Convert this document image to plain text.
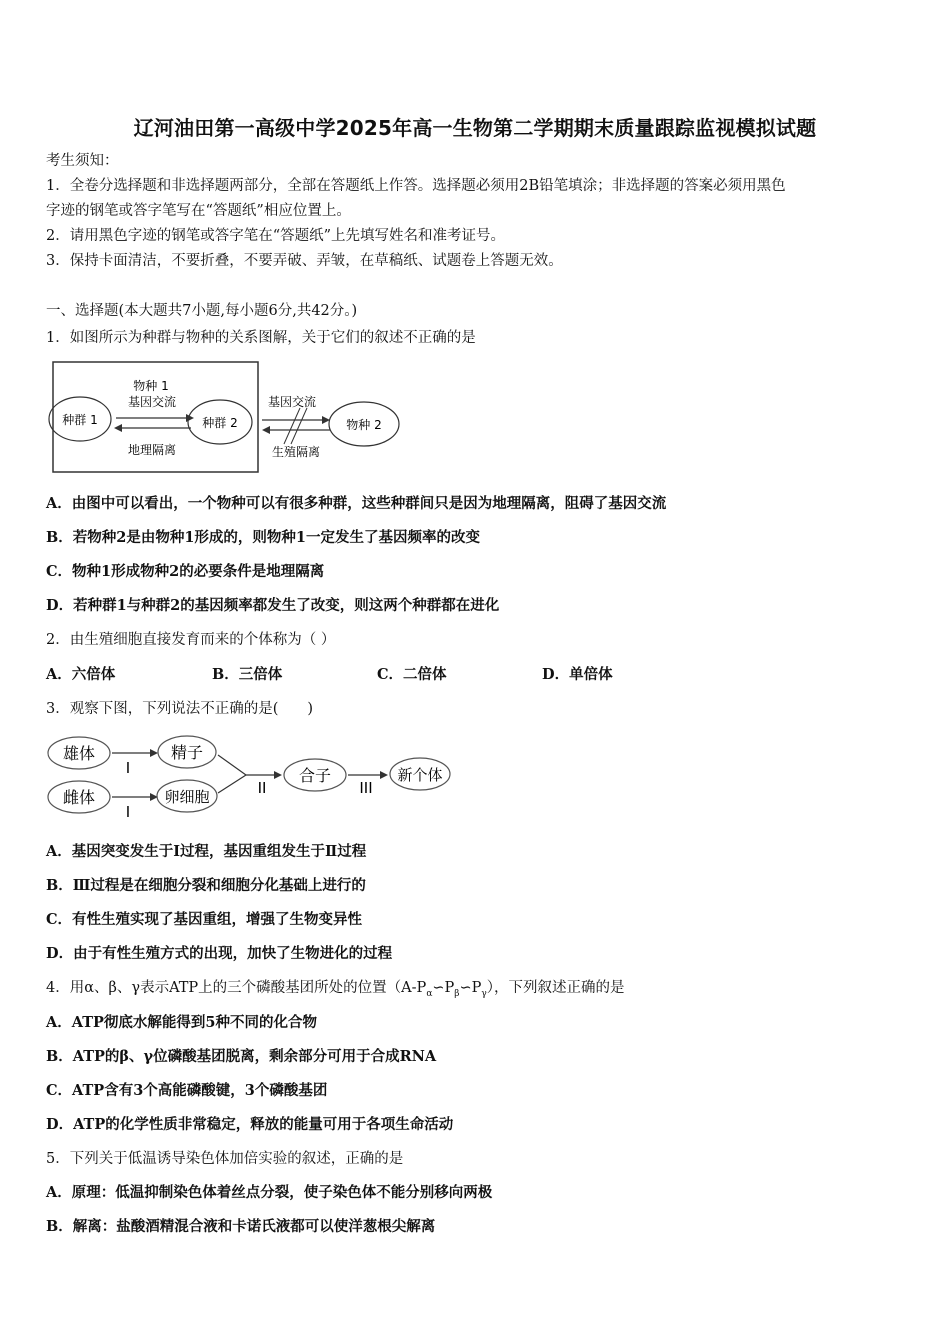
辽河油田第一高级中学2025年高一生物第二学期期末质量跟踪监视模拟试题
考生须知：
1．全卷分选择题和非选择题两部分，全部在答题纸上作答。选择题必须用2B铅笔填涂；非选择题的答案必须用黑色
字迹的钢笔或答字笔写在“答题纸”相应位置上。
2．请用黑色字迹的钢笔或答字笔在“答题纸”上先填写姓名和准考证号。
3．保持卡面清洁，不要折叠，不要弄破、弄皱，在草稿纸、试题卷上答题无效。
一、选择题(本大题共7小题,每小题6分,共42分。)
1．如图所示为种群与物种的关系图解，关于它们的叙述不正确的是
种群 1	种群 2
物种 1
基因交流
地理隔离
基因交流
生殖隔离
物种 2
A．由图中可以看出，一个物种可以有很多种群，这些种群间只是因为地理隔离，阻碍了基因交流
B．若物种2是由物种1形成的，则物种1一定发生了基因频率的改变
C．物种1形成物种2的必要条件是地理隔离
D．若种群1与种群2的基因频率都发生了改变，则这两个种群都在进化
2．由生殖细胞直接发育而来的个体称为（ ）
A．六倍体	B．三倍体	C．二倍体	D．单倍体
3．观察下图，下列说法不正确的是(　　)
雄体
雌体
I
I
精子
卵细胞	II
合子
III
新个体
A．基因突变发生于Ⅰ过程，基因重组发生于Ⅱ过程
B．Ⅲ过程是在细胞分裂和细胞分化基础上进行的
C．有性生殖实现了基因重组，增强了生物变异性
D．由于有性生殖方式的出现，加快了生物进化的过程
4．用α、β、γ表示ATP上的三个磷酸基团所处的位置$(A-P_\alpha∽P_\beta∽P_\gamma)$，下列叙述正确的是
A．ATP彻底水解能得到5种不同的化合物
B．ATP的β、γ位磷酸基团脱离，剩余部分可用于合成RNA
C．ATP含有3个高能磷酸键，3个磷酸基团
D．ATP的化学性质非常稳定，释放的能量可用于各项生命活动
5．下列关于低温诱导染色体加倍实验的叙述，正确的是
A．原理：低温抑制染色体着丝点分裂，使子染色体不能分别移向两极
B．解离：盐酸酒精混合液和卡诺氏液都可以使洋葱根尖解离
